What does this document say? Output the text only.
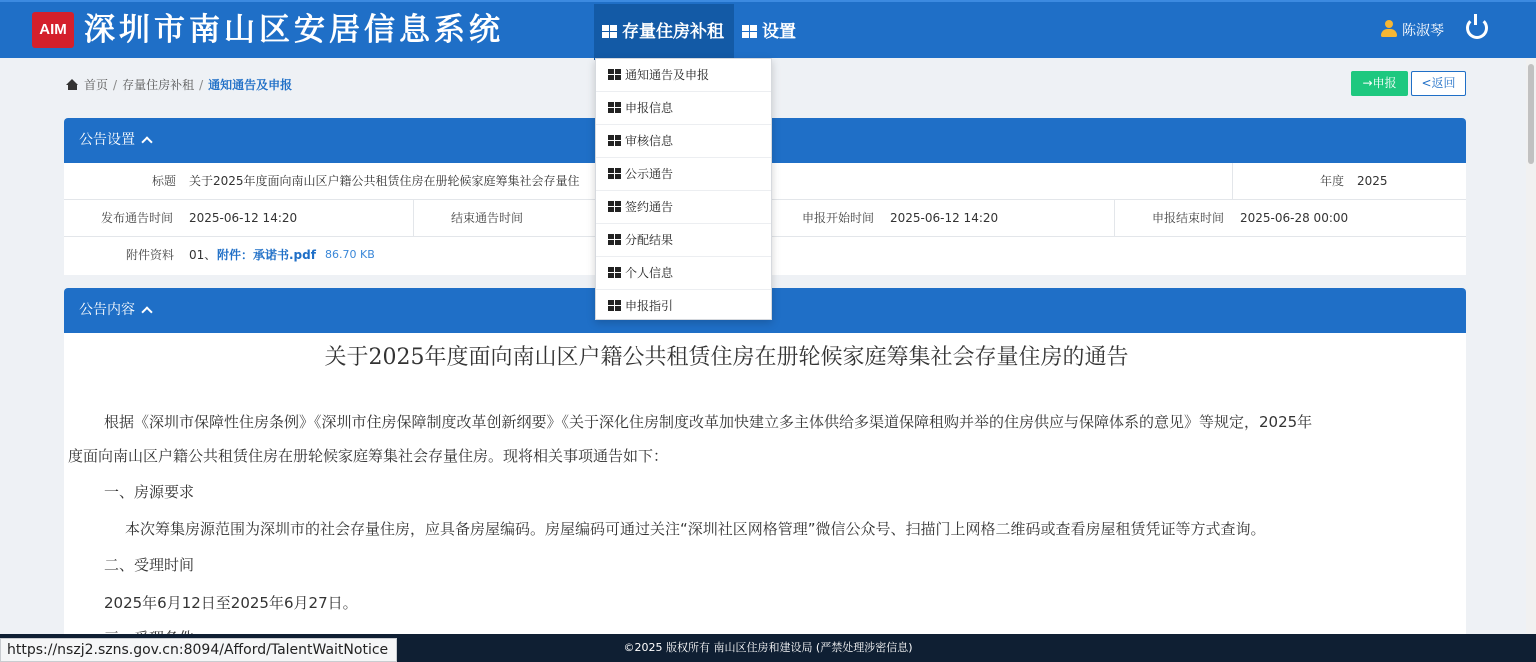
AIM 深圳市南山区安居信息系统	存量住房补租	设置	陈淑琴
首页 / 存量住房补租 / 通知通告及申报	→申报	<返回
公告设置
标题 关于2025年度面向南山区户籍公共租赁住房在册轮候家庭筹集社会存量住	年度 2025
发布通告时间 2025-06-12 14:20	结束通告时间	申报开始时间 2025-06-12 14:20	申报结束时间 2025-06-28 00:00
附件资料 01、 附件：承诺书.pdf 86.70 KB
公告内容
关于2025年度面向南山区户籍公共租赁住房在册轮候家庭筹集社会存量住房的通告
根据《深圳市保障性住房条例》《深圳市住房保障制度改革创新纲要》《关于深化住房制度改革加快建立多主体供给多渠道保障租购并举的住房供应与保障体系的意见》等规定，2025年
度面向南山区户籍公共租赁住房在册轮候家庭筹集社会存量住房。现将相关事项通告如下：
一、房源要求
本次筹集房源范围为深圳市的社会存量住房，应具备房屋编码。房屋编码可通过关注“深圳社区网格管理”微信公众号、扫描门上网格二维码或查看房屋租赁凭证等方式查询。
二、受理时间
2025年6月12日至2025年6月27日。
通知通告及申报
申报信息
审核信息
公示通告
签约通告
分配结果
个人信息
申报指引
©2025 版权所有 南山区住房和建设局 (严禁处理涉密信息)
https://nszj2.szns.gov.cn:8094/Afford/TalentWaitNotice
